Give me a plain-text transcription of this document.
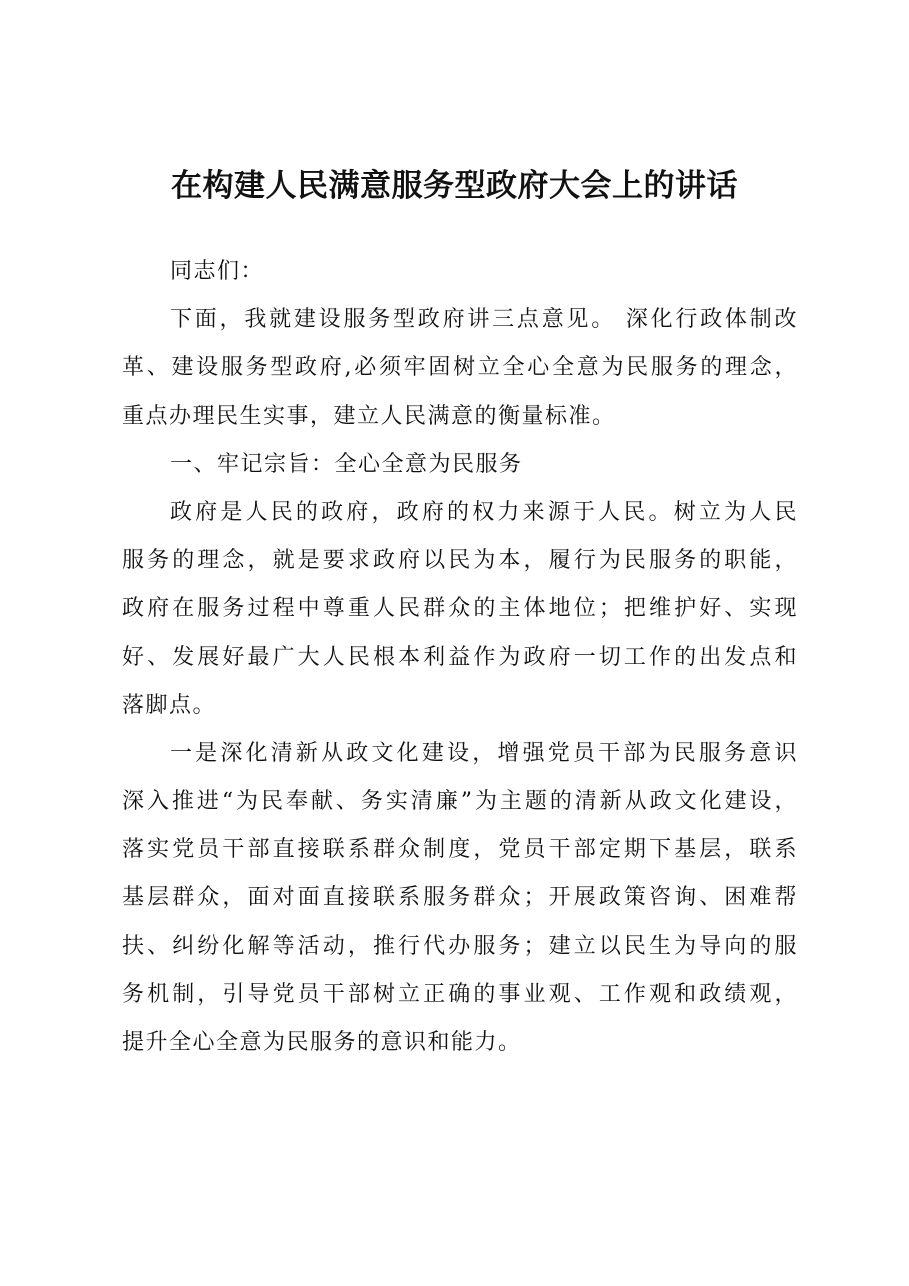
在构建人民满意服务型政府大会上的讲话
同志们：
下面，我就建设服务型政府讲三点意见。 深化行政体制改
革、建设服务型政府,必须牢固树立全心全意为民服务的理念，
重点办理民生实事，建立人民满意的衡量标准。
一、牢记宗旨：全心全意为民服务
政府是人民的政府，政府的权力来源于人民。树立为人民
服务的理念，就是要求政府以民为本，履行为民服务的职能，
政府在服务过程中尊重人民群众的主体地位；把维护好、实现
好、发展好最广大人民根本利益作为政府一切工作的出发点和
落脚点。
一是深化清新从政文化建设，增强党员干部为民服务意识
深入推进“为民奉献、务实清廉”为主题的清新从政文化建设，
落实党员干部直接联系群众制度，党员干部定期下基层，联系
基层群众，面对面直接联系服务群众；开展政策咨询、困难帮
扶、纠纷化解等活动，推行代办服务；建立以民生为导向的服
务机制，引导党员干部树立正确的事业观、工作观和政绩观，
提升全心全意为民服务的意识和能力。
